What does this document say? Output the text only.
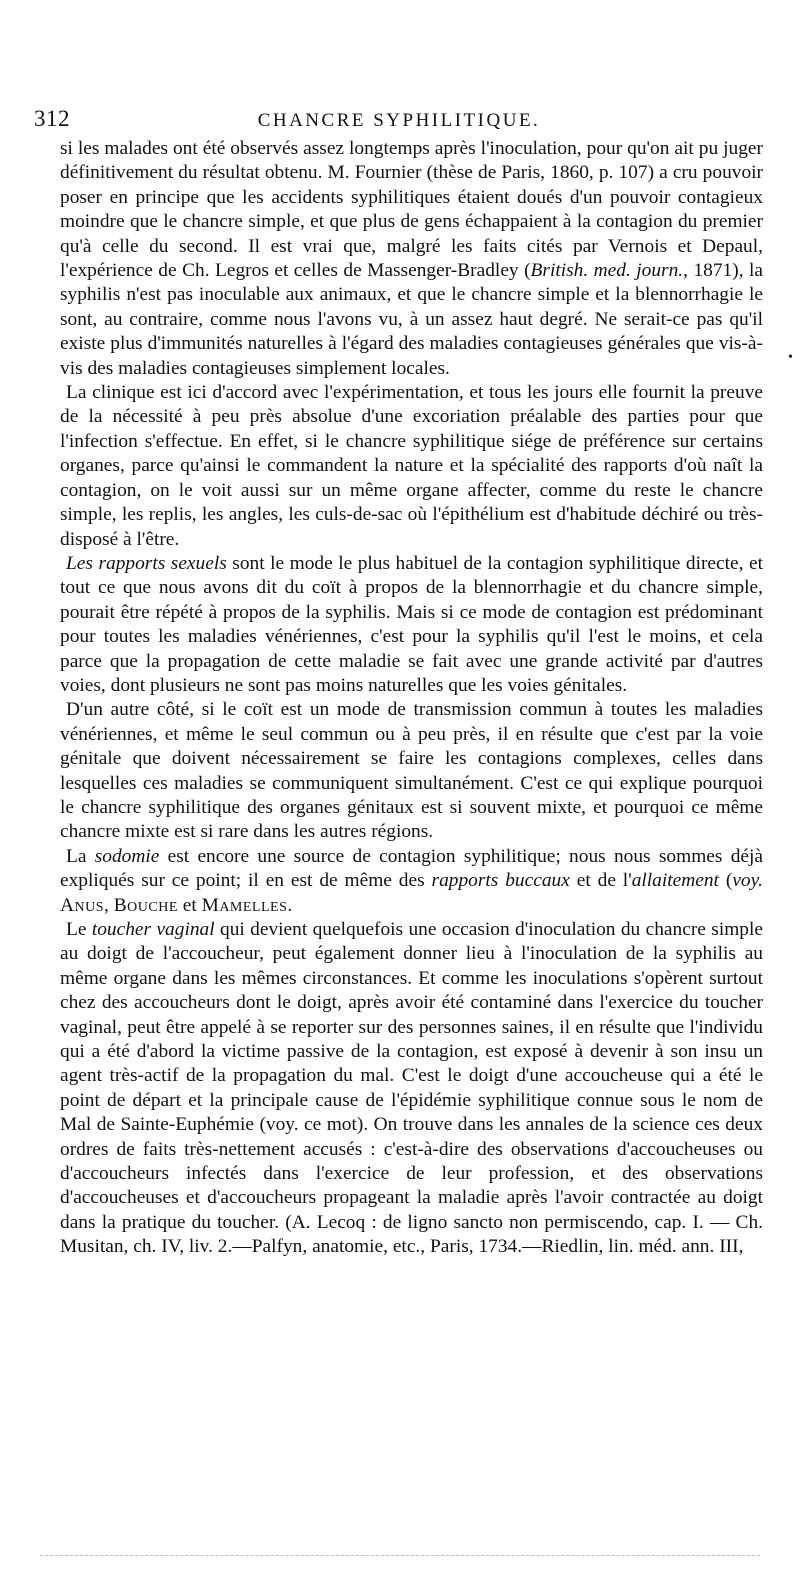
312	CHANCRE SYPHILITIQUE.

si les malades ont été observés assez longtemps après l'inoculation, pour qu'on ait pu juger définitivement du résultat obtenu. M. Fournier (thèse de Paris, 1860, p. 107) a cru pouvoir poser en principe que les accidents syphilitiques étaient doués d'un pouvoir contagieux moindre que le chancre simple, et que plus de gens échappaient à la contagion du premier qu'à celle du second. Il est vrai que, malgré les faits cités par Vernois et Depaul, l'expérience de Ch. Legros et celles de Massenger-Bradley (British. med. journ., 1871), la syphilis n'est pas inoculable aux animaux, et que le chancre simple et la blennorrhagie le sont, au contraire, comme nous l'avons vu, à un assez haut degré. Ne serait-ce pas qu'il existe plus d'immunités naturelles à l'égard des maladies contagieuses générales que vis-à-vis des maladies contagieuses simplement locales.

La clinique est ici d'accord avec l'expérimentation, et tous les jours elle fournit la preuve de la nécessité à peu près absolue d'une excoriation préalable des parties pour que l'infection s'effectue. En effet, si le chancre syphilitique siége de préférence sur certains organes, parce qu'ainsi le commandent la nature et la spécialité des rapports d'où naît la contagion, on le voit aussi sur un même organe affecter, comme du reste le chancre simple, les replis, les angles, les culs-de-sac où l'épithélium est d'habitude déchiré ou très-disposé à l'être.

Les rapports sexuels sont le mode le plus habituel de la contagion syphilitique directe, et tout ce que nous avons dit du coït à propos de la blennorrhagie et du chancre simple, pourait être répété à propos de la syphilis. Mais si ce mode de contagion est prédominant pour toutes les maladies vénériennes, c'est pour la syphilis qu'il l'est le moins, et cela parce que la propagation de cette maladie se fait avec une grande activité par d'autres voies, dont plusieurs ne sont pas moins naturelles que les voies génitales.

D'un autre côté, si le coït est un mode de transmission commun à toutes les maladies vénériennes, et même le seul commun ou à peu près, il en résulte que c'est par la voie génitale que doivent nécessairement se faire les contagions complexes, celles dans lesquelles ces maladies se communiquent simultanément. C'est ce qui explique pourquoi le chancre syphilitique des organes génitaux est si souvent mixte, et pourquoi ce même chancre mixte est si rare dans les autres régions.

La sodomie est encore une source de contagion syphilitique; nous nous sommes déjà expliqués sur ce point; il en est de même des rapports buccaux et de l'allaitement (voy. Anus, Bouche et Mamelles.

Le toucher vaginal qui devient quelquefois une occasion d'inoculation du chancre simple au doigt de l'accoucheur, peut également donner lieu à l'inoculation de la syphilis au même organe dans les mêmes circonstances. Et comme les inoculations s'opèrent surtout chez des accoucheurs dont le doigt, après avoir été contaminé dans l'exercice du toucher vaginal, peut être appelé à se reporter sur des personnes saines, il en résulte que l'individu qui a été d'abord la victime passive de la contagion, est exposé à devenir à son insu un agent très-actif de la propagation du mal. C'est le doigt d'une accoucheuse qui a été le point de départ et la principale cause de l'épidémie syphilitique connue sous le nom de Mal de Sainte-Euphémie (voy. ce mot). On trouve dans les annales de la science ces deux ordres de faits très-nettement accusés : c'est-à-dire des observations d'accoucheuses ou d'accoucheurs infectés dans l'exercice de leur profession, et des observations d'accoucheuses et d'accoucheurs propageant la maladie après l'avoir contractée au doigt dans la pratique du toucher. (A. Lecoq : de ligno sancto non permiscendo, cap. I. — Ch. Musitan, ch. IV, liv. 2.—Palfyn, anatomie, etc., Paris, 1734.—Riedlin, lin. méd. ann. III,

•
